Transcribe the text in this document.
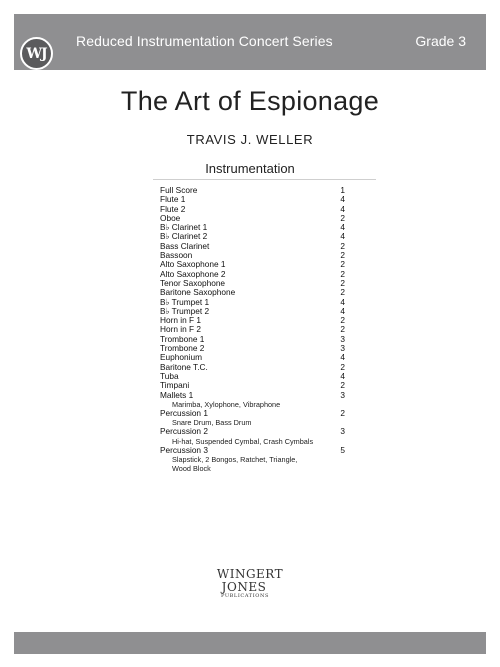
WJ
Reduced Instrumentation Concert Series	Grade 3
The Art of Espionage
TRAVIS J. WELLER
Instrumentation
Full Score	1
Flute 1	4
Flute 2	4
Oboe	2
B♭ Clarinet 1	4
B♭ Clarinet 2	4
Bass Clarinet	2
Bassoon	2
Alto Saxophone 1	2
Alto Saxophone 2	2
Tenor Saxophone	2
Baritone Saxophone	2
B♭ Trumpet 1	4
B♭ Trumpet 2	4
Horn in F 1	2
Horn in F 2	2
Trombone 1	3
Trombone 2	3
Euphonium	4
Baritone T.C.	2
Tuba	4
Timpani	2
Mallets 1	3
Marimba, Xylophone, Vibraphone
Percussion 1	2
Snare Drum, Bass Drum
Percussion 2	3
Hi-hat, Suspended Cymbal, Crash Cymbals
Percussion 3	5
Slapstick, 2 Bongos, Ratchet, Triangle,
Wood Block
WINGERT
JONES
PUBLICATIONS
